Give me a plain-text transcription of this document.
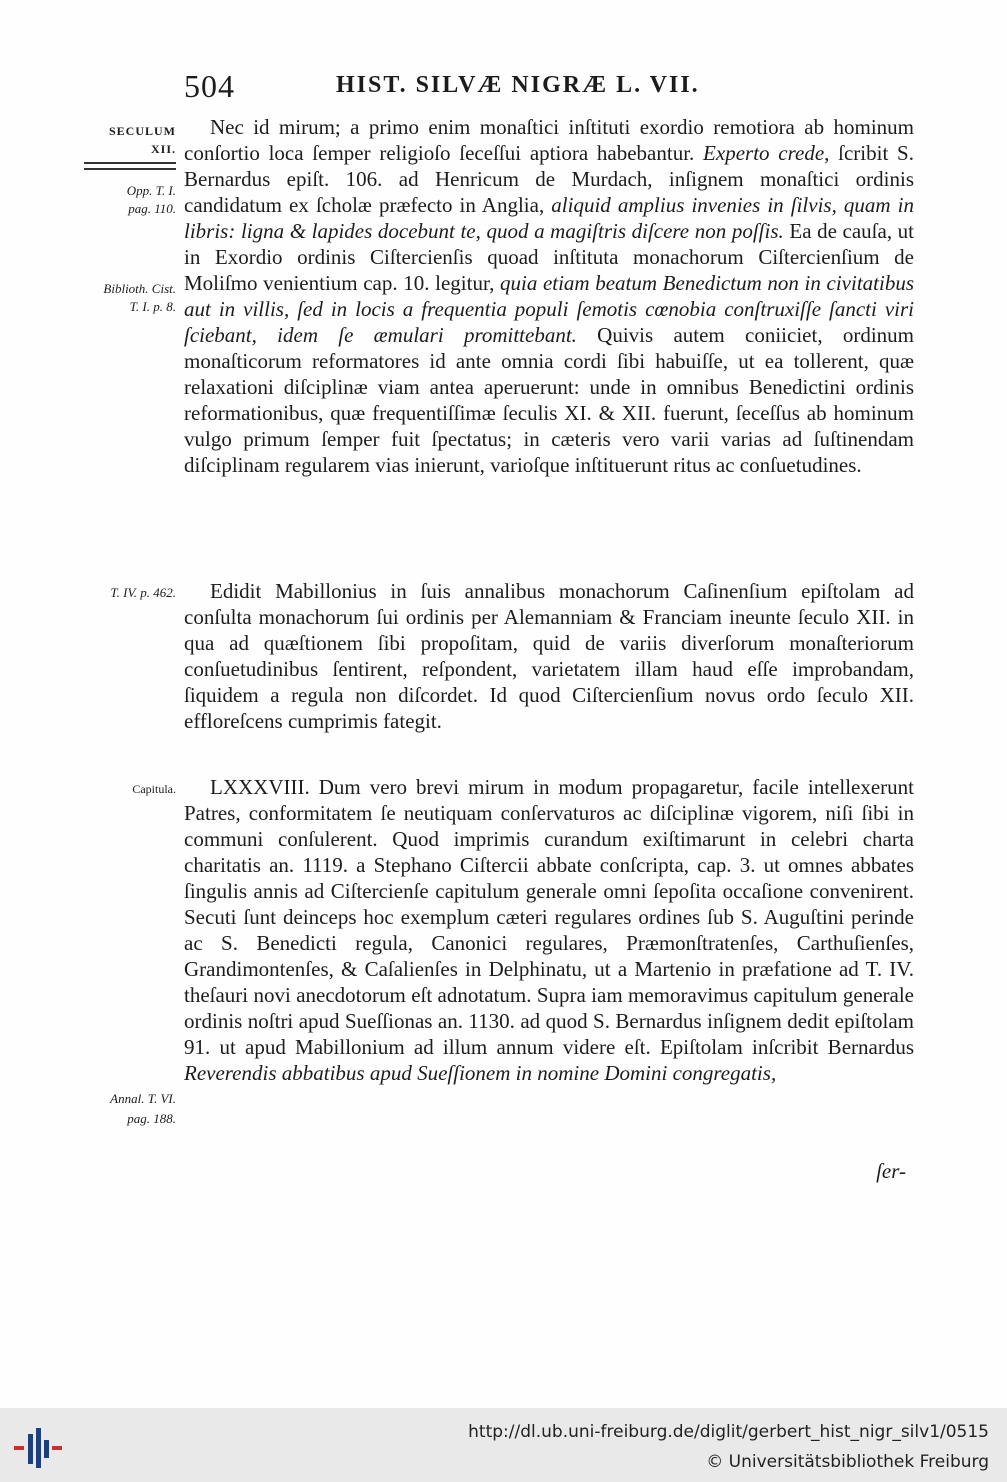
504	HIST. SILVÆ NIGRÆ L. VII.
SECULUM
XII.
Opp. T. I.
pag. 110.
Biblioth. Cist.
T. I. p. 8.
T. IV. p. 462.
Capitula.
Annal. T. VI.
pag. 188.

Nec id mirum; a primo enim monaſtici inſtituti exordio remotiora ab hominum conſortio loca ſemper religioſo ſeceſſui aptiora habebantur. Experto crede, ſcribit S. Bernardus epiſt. 106. ad Henricum de Murdach, inſignem monaſtici ordinis candidatum ex ſcholæ præfecto in Anglia, aliquid amplius invenies in ſilvis, quam in libris: ligna & lapides docebunt te, quod a magiſtris diſcere non poſſis. Ea de cauſa, ut in Exordio ordinis Ciſtercienſis quoad inſtituta monachorum Ciſtercienſium de Moliſmo venientium cap. 10. legitur, quia etiam beatum Benedictum non in civitatibus aut in villis, ſed in locis a frequentia populi ſemotis cœnobia conſtruxiſſe ſancti viri ſciebant, idem ſe æmulari promittebant. Quivis autem coniiciet, ordinum monaſticorum reformatores id ante omnia cordi ſibi habuiſſe, ut ea tollerent, quæ relaxationi diſciplinæ viam antea aperuerunt: unde in omnibus Benedictini ordinis reformationibus, quæ frequentiſſimæ ſeculis XI. & XII. fuerunt, ſeceſſus ab hominum vulgo primum ſemper fuit ſpectatus; in cæteris vero varii varias ad ſuſtinendam diſciplinam regularem vias inierunt, varioſque inſtituerunt ritus ac conſuetudines.

Edidit Mabillonius in ſuis annalibus monachorum Caſinenſium epiſtolam ad conſulta monachorum ſui ordinis per Alemanniam & Franciam ineunte ſeculo XII. in qua ad quæſtionem ſibi propoſitam, quid de variis diverſorum monaſteriorum conſuetudinibus ſentirent, reſpondent, varietatem illam haud eſſe improbandam, ſiquidem a regula non diſcordet. Id quod Ciſtercienſium novus ordo ſeculo XII. efflorеſcens cumprimis fategit.

LXXXVIII. Dum vero brevi mirum in modum propagaretur, facile intellexerunt Patres, conformitatem ſe neutiquam conſervaturos ac diſciplinæ vigorem, niſi ſibi in communi conſulerent. Quod imprimis curandum exiſtimarunt in celebri charta charitatis an. 1119. a Stephano Ciſtercii abbate conſcripta, cap. 3. ut omnes abbates ſingulis annis ad Ciſtercienſe capitulum generale omni ſepoſita occaſione convenirent. Secuti ſunt deinceps hoc exemplum cæteri regulares ordines ſub S. Auguſtini perinde ac S. Benedicti regula, Canonici regulares, Præmonſtratenſes, Carthuſienſes, Grandimontenſes, & Caſalienſes in Delphinatu, ut a Martenio in præfatione ad T. IV. theſauri novi anecdotorum eſt adnotatum. Supra iam memoravimus capitulum generale ordinis noſtri apud Sueſſionas an. 1130. ad quod S. Bernardus inſignem dedit epiſtolam 91. ut apud Mabillonium ad illum annum videre eſt. Epiſtolam inſcribit Bernardus Reverendis abbatibus apud Sueſſionem in nomine Domini congregatis,

ſer-
http://dl.ub.uni-freiburg.de/diglit/gerbert_hist_nigr_silv1/0515
© Universitätsbibliothek Freiburg
